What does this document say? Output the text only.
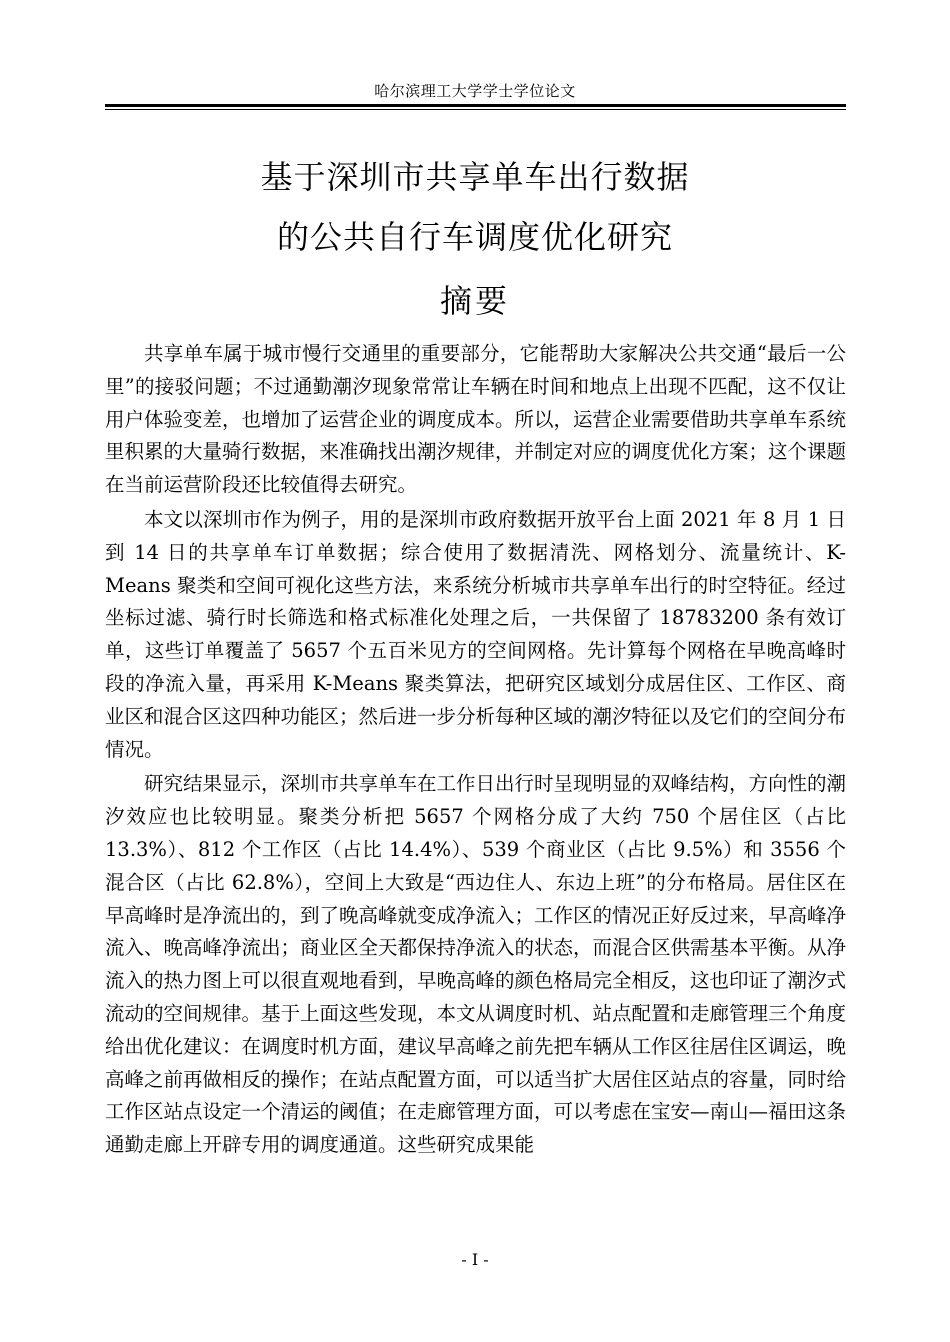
哈尔滨理工大学学士学位论文
基于深圳市共享单车出行数据
的公共自行车调度优化研究
摘要

共享单车属于城市慢行交通里的重要部分，它能帮助大家解决公共交通“最后一公里”的接驳问题；不过通勤潮汐现象常常让车辆在时间和地点上出现不匹配，这不仅让用户体验变差，也增加了运营企业的调度成本。所以，运营企业需要借助共享单车系统里积累的大量骑行数据，来准确找出潮汐规律，并制定对应的调度优化方案；这个课题在当前运营阶段还比较值得去研究。

本文以深圳市作为例子，用的是深圳市政府数据开放平台上面 2021 年 8 月 1 日到 14 日的共享单车订单数据；综合使用了数据清洗、网格划分、流量统计、K-Means 聚类和空间可视化这些方法，来系统分析城市共享单车出行的时空特征。经过坐标过滤、骑行时长筛选和格式标准化处理之后，一共保留了 18783200 条有效订单，这些订单覆盖了 5657 个五百米见方的空间网格。先计算每个网格在早晚高峰时段的净流入量，再采用 K-Means 聚类算法，把研究区域划分成居住区、工作区、商业区和混合区这四种功能区；然后进一步分析每种区域的潮汐特征以及它们的空间分布情况。

研究结果显示，深圳市共享单车在工作日出行时呈现明显的双峰结构，方向性的潮汐效应也比较明显。聚类分析把 5657 个网格分成了大约 750 个居住区（占比 13.3%）、812 个工作区（占比 14.4%）、539 个商业区（占比 9.5%）和 3556 个混合区（占比 62.8%），空间上大致是“西边住人、东边上班”的分布格局。居住区在早高峰时是净流出的，到了晚高峰就变成净流入；工作区的情况正好反过来，早高峰净流入、晚高峰净流出；商业区全天都保持净流入的状态，而混合区供需基本平衡。从净流入的热力图上可以很直观地看到，早晚高峰的颜色格局完全相反，这也印证了潮汐式流动的空间规律。基于上面这些发现，本文从调度时机、站点配置和走廊管理三个角度给出优化建议：在调度时机方面，建议早高峰之前先把车辆从工作区往居住区调运，晚高峰之前再做相反的操作；在站点配置方面，可以适当扩大居住区站点的容量，同时给工作区站点设定一个清运的阈值；在走廊管理方面，可以考虑在宝安—南山—福田这条通勤走廊上开辟专用的调度通道。这些研究成果能

- I -
